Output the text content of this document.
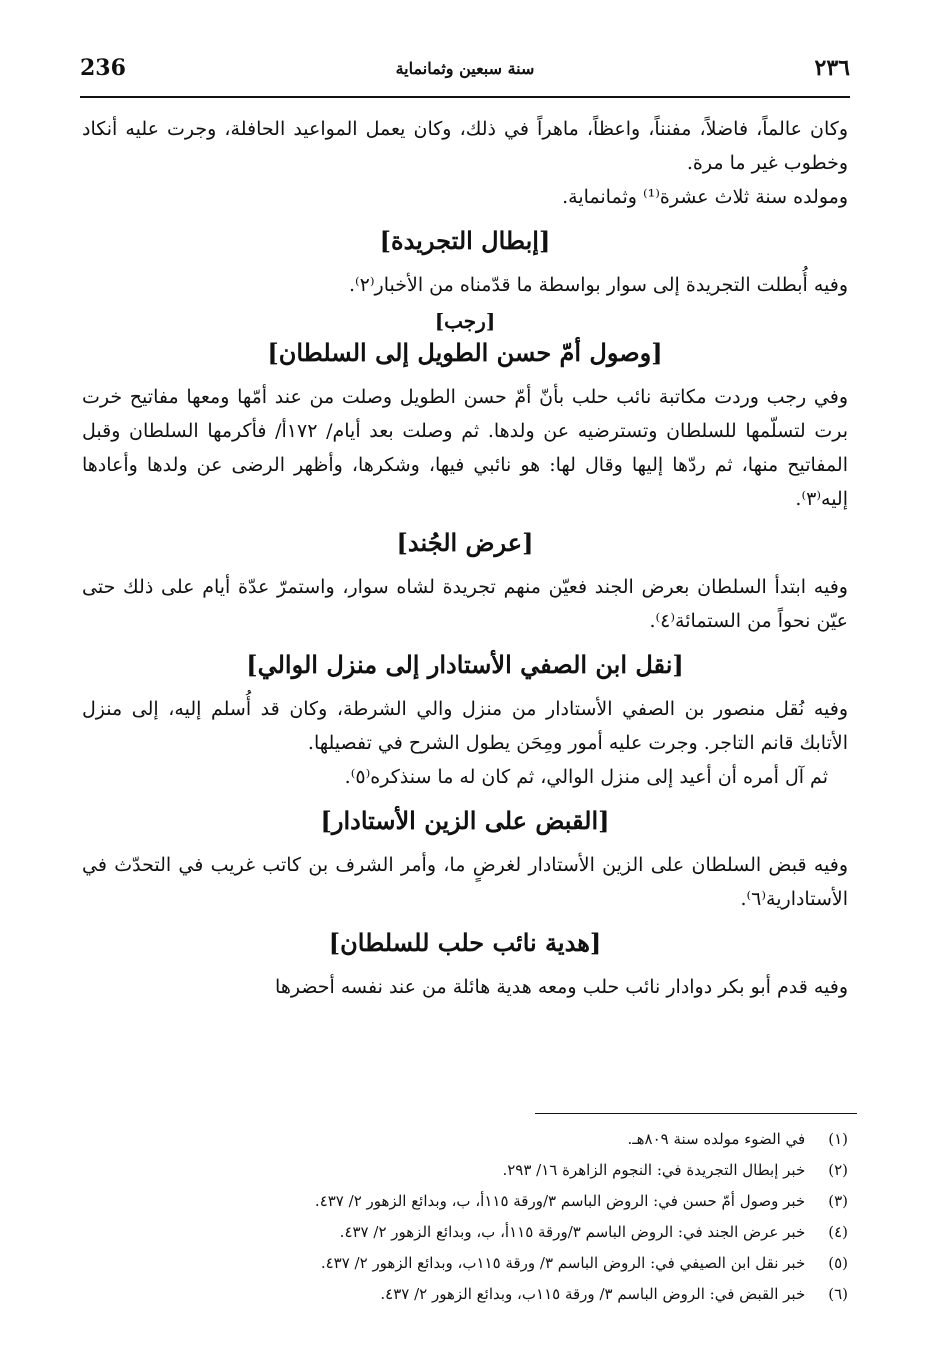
236	سنة سبعين وثمانماية	٢٣٦

وكان عالماً، فاضلاً، مفنناً، واعظاً، ماهراً في ذلك، وكان يعمل المواعيد الحافلة، وجرت عليه أنكاد وخطوب غير ما مرة.

ومولده سنة ثلاث عشرة⁽¹⁾ وثمانماية.

[إبطال التجريدة]

وفيه أُبطلت التجريدة إلى سوار بواسطة ما قدّمناه من الأخبار⁽٢⁾.

[رجب]
[وصول أمّ حسن الطويل إلى السلطان]

وفي رجب وردت مكاتبة نائب حلب بأنّ أمّ حسن الطويل وصلت من عند أمّها ومعها مفاتيح خرت برت لتسلّمها للسلطان وتسترضيه عن ولدها. ثم وصلت بعد أيام/ ١٧٢أ/ فأكرمها السلطان وقبل المفاتيح منها، ثم ردّها إليها وقال لها: هو نائبي فيها، وشكرها، وأظهر الرضى عن ولدها وأعادها إليه⁽٣⁾.

[عرض الجُند]

وفيه ابتدأ السلطان بعرض الجند فعيّن منهم تجريدة لشاه سوار، واستمرّ عدّة أيام على ذلك حتى عيّن نحواً من الستمائة⁽٤⁾.

[نقل ابن الصفي الأستادار إلى منزل الوالي]

وفيه نُقل منصور بن الصفي الأستادار من منزل والي الشرطة، وكان قد أُسلم إليه، إلى منزل الأتابك قانم التاجر. وجرت عليه أمور ومِحَن يطول الشرح في تفصيلها.

ثم آل أمره أن أعيد إلى منزل الوالي، ثم كان له ما سنذكره⁽٥⁾.

[القبض على الزين الأستادار]

وفيه قبض السلطان على الزين الأستادار لغرضٍ ما، وأمر الشرف بن كاتب غريب في التحدّث في الأستادارية⁽٦⁾.

[هدية نائب حلب للسلطان]

وفيه قدم أبو بكر دوادار نائب حلب ومعه هدية هائلة من عند نفسه أحضرها

(١) في الضوء مولده سنة ٨٠٩هـ.
(٢) خبر إبطال التجريدة في: النجوم الزاهرة ١٦/ ٢٩٣.
(٣) خبر وصول أمّ حسن في: الروض الباسم ٣/ورقة ١١٥أ، ب، وبدائع الزهور ٢/ ٤٣٧.
(٤) خبر عرض الجند في: الروض الباسم ٣/ورقة ١١٥أ، ب، وبدائع الزهور ٢/ ٤٣٧.
(٥) خبر نقل ابن الصيفي في: الروض الباسم ٣/ ورقة ١١٥ب، وبدائع الزهور ٢/ ٤٣٧.
(٦) خبر القبض في: الروض الباسم ٣/ ورقة ١١٥ب، وبدائع الزهور ٢/ ٤٣٧.
